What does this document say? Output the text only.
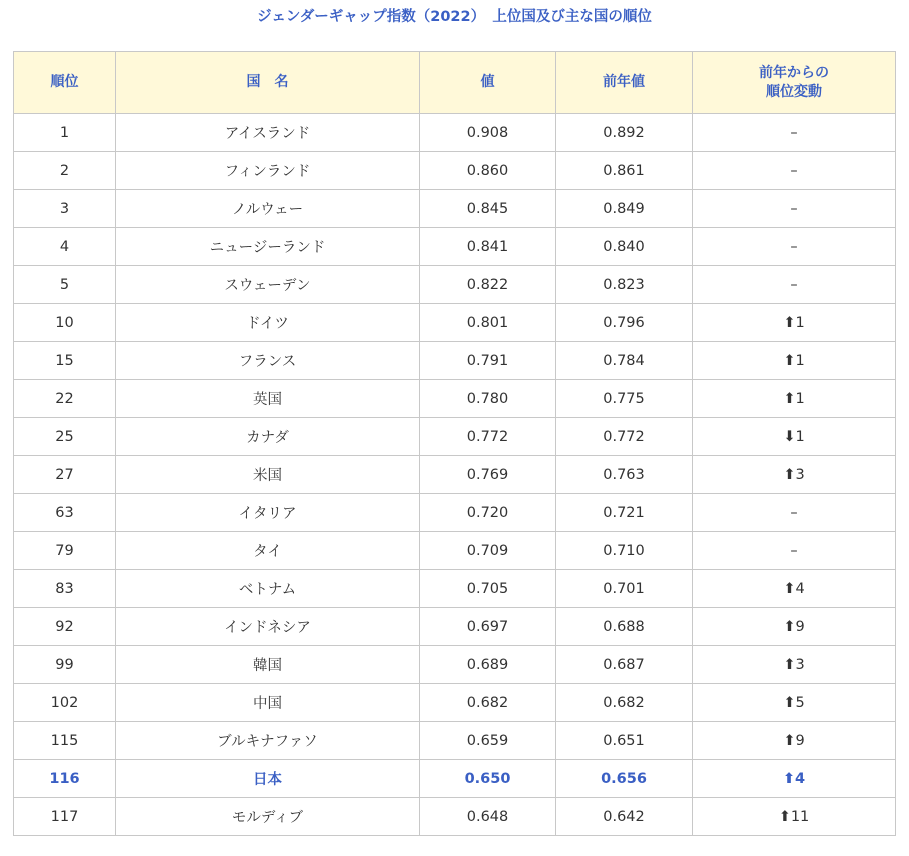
ジェンダーギャップ指数（2022）　上位国及び主な国の順位
順位	国　名	値	前年値	前年からの
順位変動

1	アイスランド	0.908	0.892	–
2	フィンランド	0.860	0.861	–
3	ノルウェー	0.845	0.849	–
4	ニュージーランド	0.841	0.840	–
5	スウェーデン	0.822	0.823	–
10	ドイツ	0.801	0.796	⬆1
15	フランス	0.791	0.784	⬆1
22	英国	0.780	0.775	⬆1
25	カナダ	0.772	0.772	⬇1
27	米国	0.769	0.763	⬆3
63	イタリア	0.720	0.721	–
79	タイ	0.709	0.710	–
83	ベトナム	0.705	0.701	⬆4
92	インドネシア	0.697	0.688	⬆9
99	韓国	0.689	0.687	⬆3
102	中国	0.682	0.682	⬆5
115	ブルキナファソ	0.659	0.651	⬆9
116	日本	0.650	0.656	⬆4
117	モルディブ	0.648	0.642	⬆11
